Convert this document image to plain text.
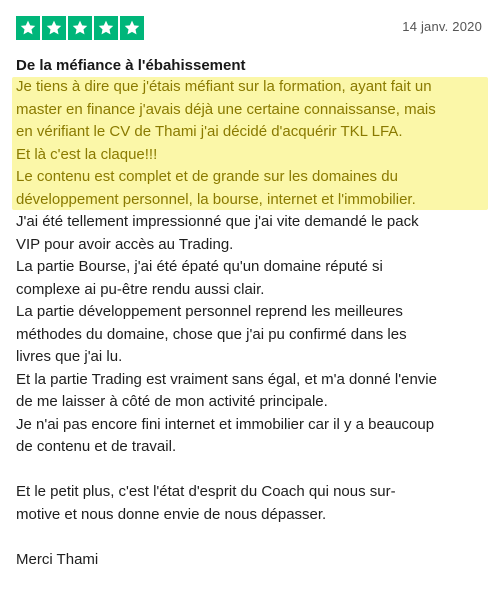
14 janv. 2020
De la méfiance à l'ébahissement
Je tiens à dire que j'étais méfiant sur la formation, ayant fait un
master en finance j'avais déjà une certaine connaissanse, mais
en vérifiant le CV de Thami j'ai décidé d'acquérir TKL LFA.
Et là c'est la claque!!!
Le contenu est complet et de grande sur les domaines du
développement personnel, la bourse, internet et l'immobilier.
J'ai été tellement impressionné que j'ai vite demandé le pack
VIP pour avoir accès au Trading.
La partie Bourse, j'ai été épaté qu'un domaine réputé si
complexe ai pu-être rendu aussi clair.
La partie développement personnel reprend les meilleures
méthodes du domaine, chose que j'ai pu confirmé dans les
livres que j'ai lu.
Et la partie Trading est vraiment sans égal, et m'a donné l'envie
de me laisser à côté de mon activité principale.
Je n'ai pas encore fini internet et immobilier car il y a beaucoup
de contenu et de travail.
Et le petit plus, c'est l'état d'esprit du Coach qui nous sur-
motive et nous donne envie de nous dépasser.
Merci Thami
